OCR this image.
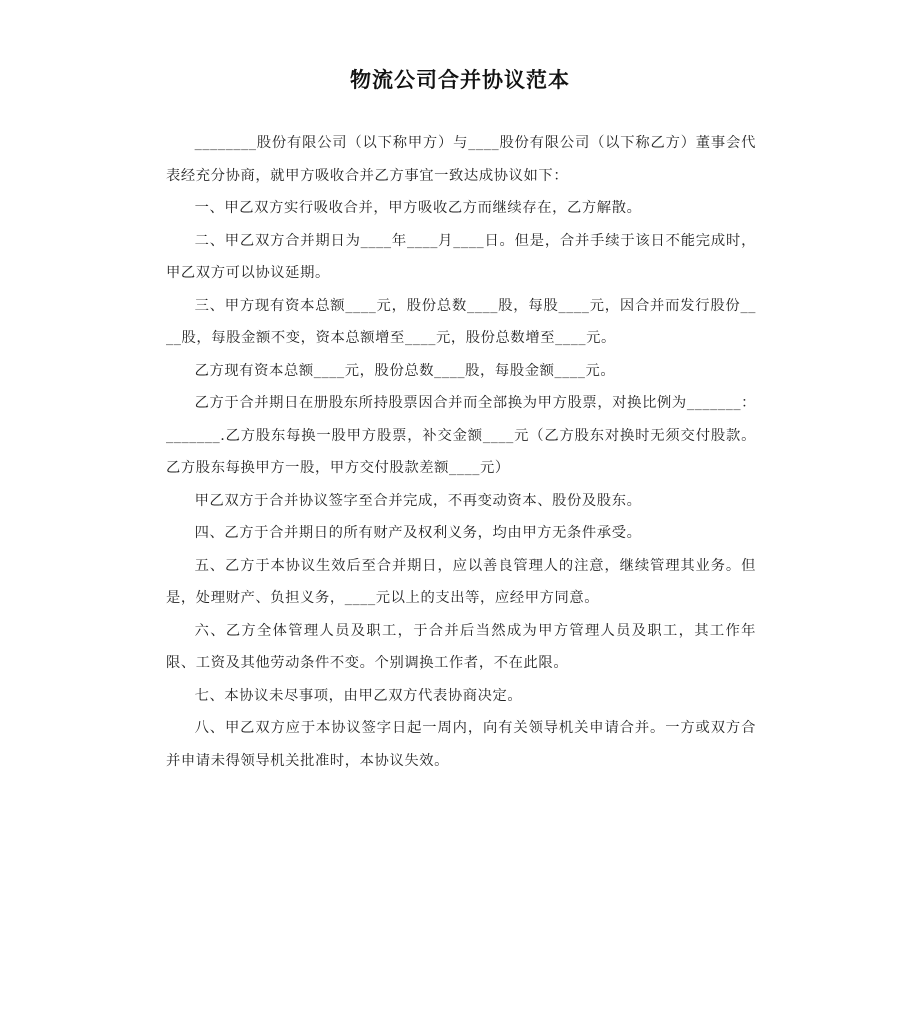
物流公司合并协议范本

________股份有限公司（以下称甲方）与____股份有限公司（以下称乙方）董事会代表经充分协商，就甲方吸收合并乙方事宜一致达成协议如下：

一、甲乙双方实行吸收合并，甲方吸收乙方而继续存在，乙方解散。

二、甲乙双方合并期日为____年____月____日。但是，合并手续于该日不能完成时，甲乙双方可以协议延期。

三、甲方现有资本总额____元，股份总数____股，每股____元，因合并而发行股份____股，每股金额不变，资本总额增至____元，股份总数增至____元。

乙方现有资本总额____元，股份总数____股，每股金额____元。

乙方于合并期日在册股东所持股票因合并而全部换为甲方股票，对换比例为_______：_______.乙方股东每换一股甲方股票，补交金额____元（乙方股东对换时无须交付股款。乙方股东每换甲方一股，甲方交付股款差额____元）

甲乙双方于合并协议签字至合并完成，不再变动资本、股份及股东。

四、乙方于合并期日的所有财产及权利义务，均由甲方无条件承受。

五、乙方于本协议生效后至合并期日，应以善良管理人的注意，继续管理其业务。但是，处理财产、负担义务，____元以上的支出等，应经甲方同意。

六、乙方全体管理人员及职工，于合并后当然成为甲方管理人员及职工，其工作年限、工资及其他劳动条件不变。个别调换工作者，不在此限。

七、本协议未尽事项，由甲乙双方代表协商决定。

八、甲乙双方应于本协议签字日起一周内，向有关领导机关申请合并。一方或双方合并申请未得领导机关批准时，本协议失效。
